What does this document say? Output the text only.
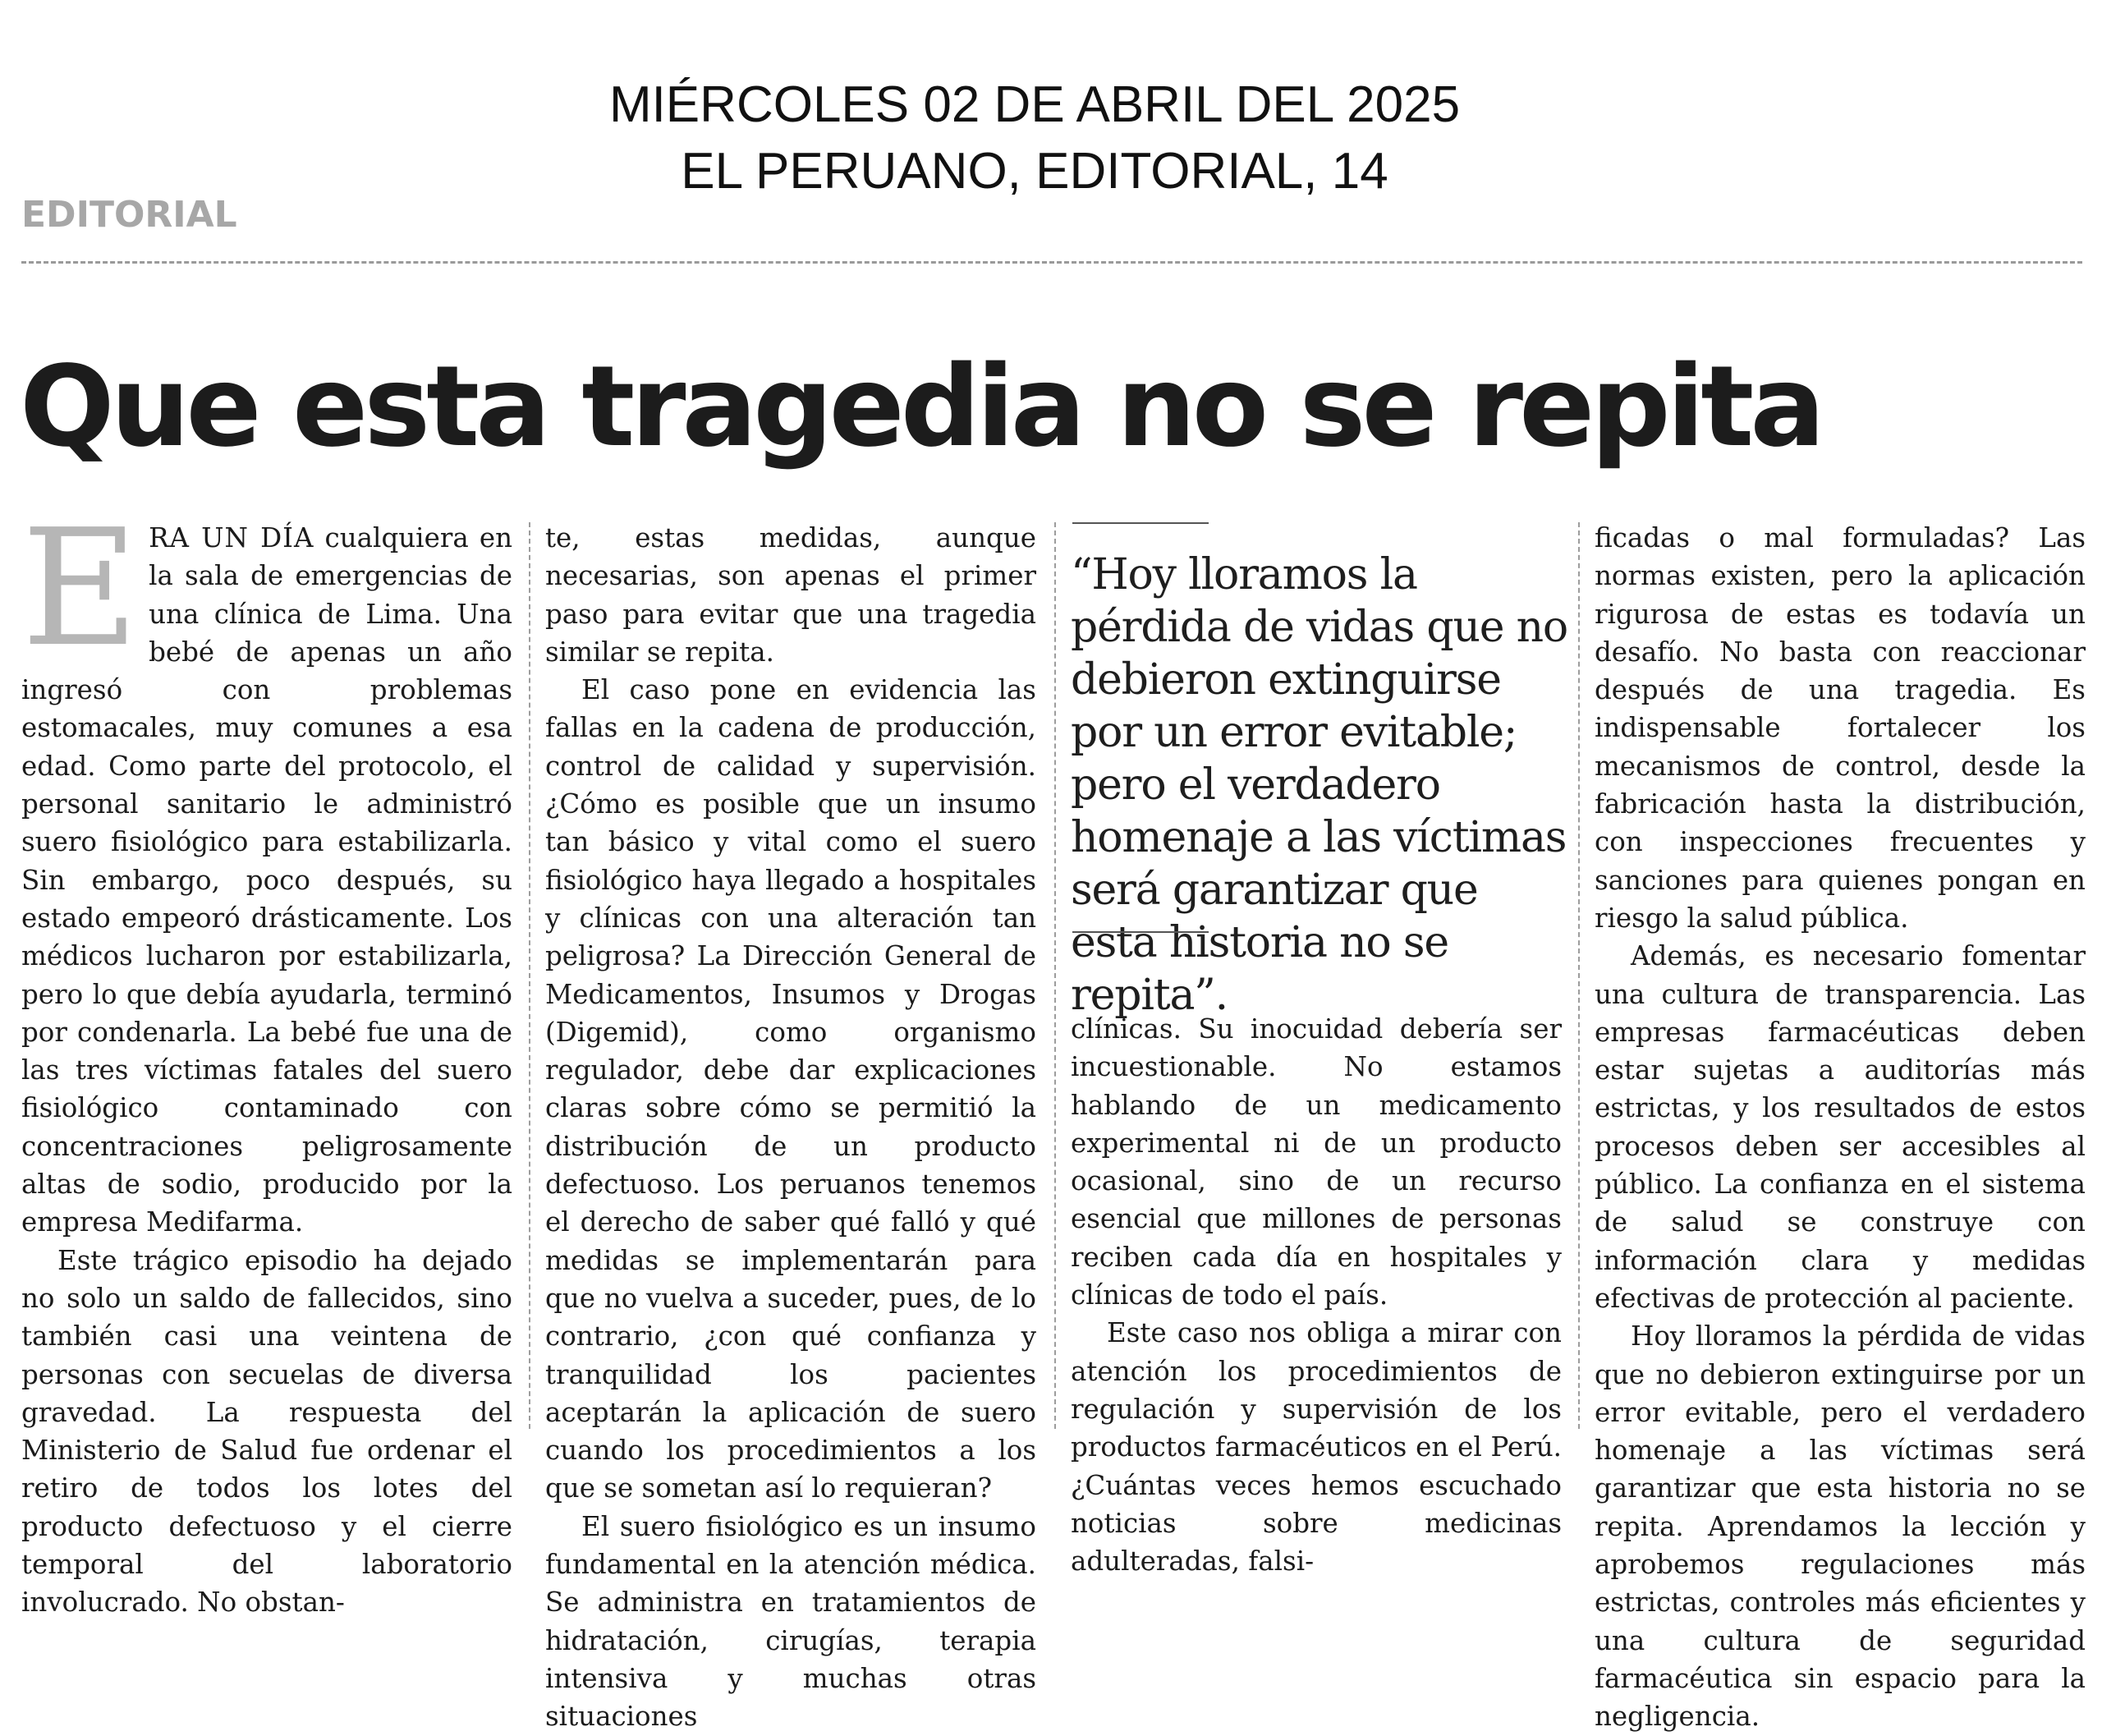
MIÉRCOLES 02 DE ABRIL DEL 2025
EL PERUANO, EDITORIAL, 14
EDITORIAL
Que esta tragedia no se repita

ERA UN DÍA cualquiera en la sala de emergencias de una clínica de Lima. Una bebé de apenas un año ingresó con problemas estomacales, muy comunes a esa edad. Como parte del protocolo, el personal sanitario le administró suero fisiológico para estabilizarla. Sin embargo, poco después, su estado empeoró drásticamente. Los médicos lucharon por estabilizarla, pero lo que debía ayudarla, terminó por condenarla. La bebé fue una de las tres víctimas fatales del suero fisiológico contaminado con concentraciones peligrosamente altas de sodio, producido por la empresa Medifarma.

Este trágico episodio ha dejado no solo un saldo de fallecidos, sino también casi una veintena de personas con secuelas de diversa gravedad. La respuesta del Ministerio de Salud fue ordenar el retiro de todos los lotes del producto defectuoso y el cierre temporal del laboratorio involucrado. No obstan-

te, estas medidas, aunque necesarias, son apenas el primer paso para evitar que una tragedia similar se repita.

El caso pone en evidencia las fallas en la cadena de producción, control de calidad y supervisión. ¿Cómo es posible que un insumo tan básico y vital como el suero fisiológico haya llegado a hospitales y clínicas con una alteración tan peligrosa? La Dirección General de Medicamentos, Insumos y Drogas (Digemid), como organismo regulador, debe dar explicaciones claras sobre cómo se permitió la distribución de un producto defectuoso. Los peruanos tenemos el derecho de saber qué falló y qué medidas se implementarán para que no vuelva a suceder, pues, de lo contrario, ¿con qué confianza y tranquilidad los pacientes aceptarán la aplicación de suero cuando los procedimientos a los que se sometan así lo requieran?

El suero fisiológico es un insumo fundamental en la atención médica. Se administra en tratamientos de hidratación, cirugías, terapia intensiva y muchas otras situaciones

“Hoy lloramos la pérdida de vidas que no debieron extinguirse por un error evitable; pero el verdadero homenaje a las víctimas será garantizar que esta historia no se repita”.

clínicas. Su inocuidad debería ser incuestionable. No estamos hablando de un medicamento experimental ni de un producto ocasional, sino de un recurso esencial que millones de personas reciben cada día en hospitales y clínicas de todo el país.

Este caso nos obliga a mirar con atención los procedimientos de regulación y supervisión de los productos farmacéuticos en el Perú. ¿Cuántas veces hemos escuchado noticias sobre medicinas adulteradas, falsi-

ficadas o mal formuladas? Las normas existen, pero la aplicación rigurosa de estas es todavía un desafío. No basta con reaccionar después de una tragedia. Es indispensable fortalecer los mecanismos de control, desde la fabricación hasta la distribución, con inspecciones frecuentes y sanciones para quienes pongan en riesgo la salud pública.

Además, es necesario fomentar una cultura de transparencia. Las empresas farmacéuticas deben estar sujetas a auditorías más estrictas, y los resultados de estos procesos deben ser accesibles al público. La confianza en el sistema de salud se construye con información clara y medidas efectivas de protección al paciente.

Hoy lloramos la pérdida de vidas que no debieron extinguirse por un error evitable, pero el verdadero homenaje a las víctimas será garantizar que esta historia no se repita. Aprendamos la lección y aprobemos regulaciones más estrictas, controles más eficientes y una cultura de seguridad farmacéutica sin espacio para la negligencia.
